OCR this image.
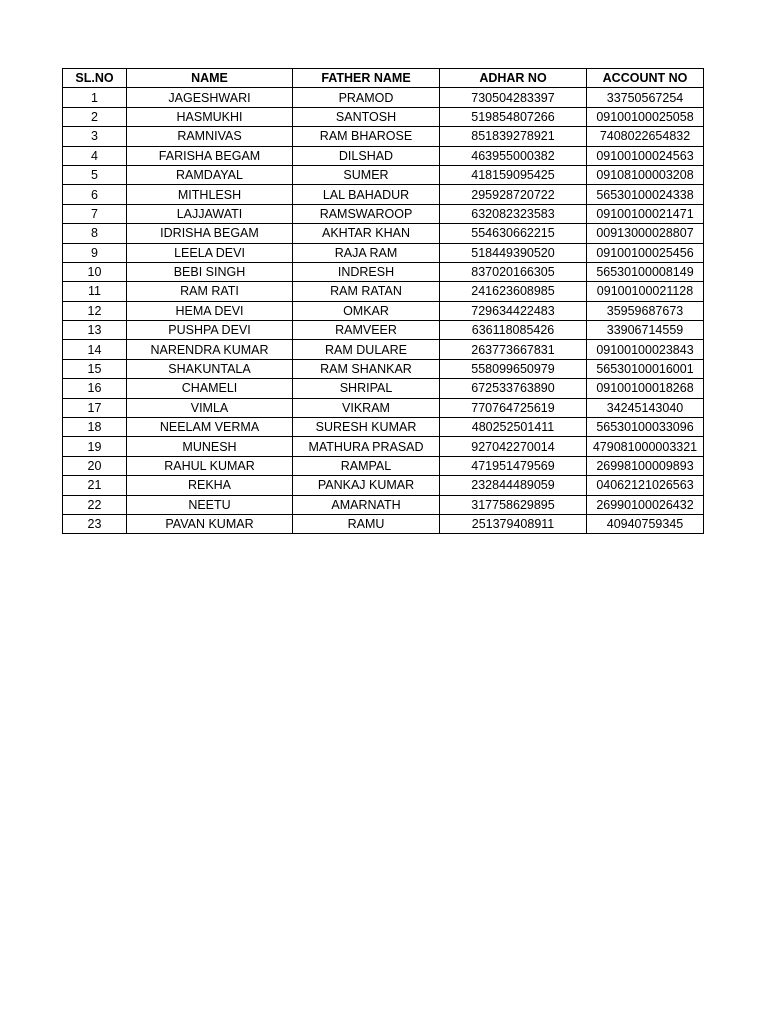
SL.NO	NAME	FATHER NAME	ADHAR NO	ACCOUNT NO
1	JAGESHWARI	PRAMOD	730504283397	33750567254
2	HASMUKHI	SANTOSH	519854807266	09100100025058
3	RAMNIVAS	RAM BHAROSE	851839278921	7408022654832
4	FARISHA BEGAM	DILSHAD	463955000382	09100100024563
5	RAMDAYAL	SUMER	418159095425	09108100003208
6	MITHLESH	LAL BAHADUR	295928720722	56530100024338
7	LAJJAWATI	RAMSWAROOP	632082323583	09100100021471
8	IDRISHA BEGAM	AKHTAR KHAN	554630662215	00913000028807
9	LEELA DEVI	RAJA RAM	518449390520	09100100025456
10	BEBI SINGH	INDRESH	837020166305	56530100008149
11	RAM RATI	RAM RATAN	241623608985	09100100021128
12	HEMA DEVI	OMKAR	729634422483	35959687673
13	PUSHPA DEVI	RAMVEER	636118085426	33906714559
14	NARENDRA KUMAR	RAM DULARE	263773667831	09100100023843
15	SHAKUNTALA	RAM SHANKAR	558099650979	56530100016001
16	CHAMELI	SHRIPAL	672533763890	09100100018268
17	VIMLA	VIKRAM	770764725619	34245143040
18	NEELAM VERMA	SURESH KUMAR	480252501411	56530100033096
19	MUNESH	MATHURA PRASAD	927042270014	479081000003321
20	RAHUL KUMAR	RAMPAL	471951479569	26998100009893
21	REKHA	PANKAJ KUMAR	232844489059	04062121026563
22	NEETU	AMARNATH	317758629895	26990100026432
23	PAVAN KUMAR	RAMU	251379408911	40940759345
